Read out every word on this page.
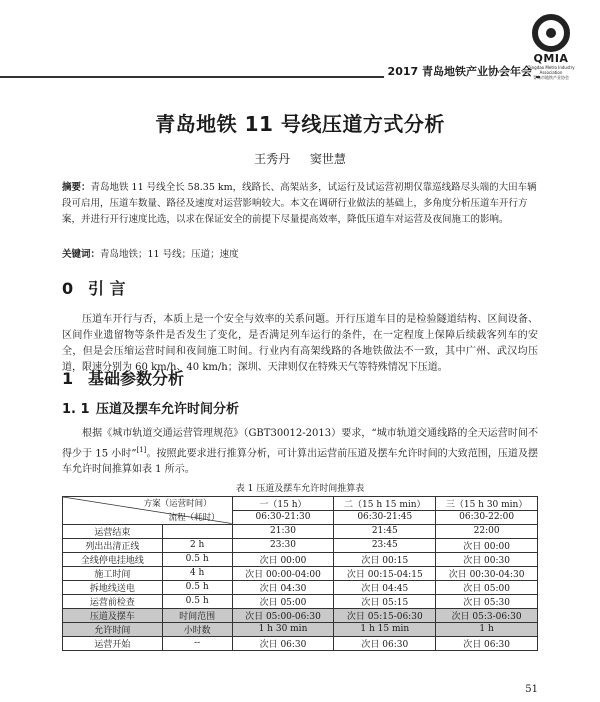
2017 青岛地铁产业协会年会
QMIA
Qingdao Metro Industry Association
青岛市地铁产业协会
青岛地铁 11 号线压道方式分析
王秀丹 窦世慧
摘要：青岛地铁 11 号线全长 58.35 km，线路长、高架站多，试运行及试运营初期仅靠巡线路尽头端的大田车辆段可启用，压道车数量、路径及速度对运营影响较大。本文在调研行业做法的基础上，多角度分析压道车开行方案，并进行开行速度比选，以求在保证安全的前提下尽量提高效率，降低压道车对运营及夜间施工的影响。
关键词：青岛地铁；11 号线；压道；速度
0 引 言
压道车开行与否，本质上是一个安全与效率的关系问题。开行压道车目的是检验隧道结构、区间设备、区间作业遗留物等条件是否发生了变化，是否满足列车运行的条件，在一定程度上保障后续载客列车的安全，但是会压缩运营时间和夜间施工时间。行业内有高架线路的各地铁做法不一致，其中广州、武汉均压道，限速分别为 60 km/h、40 km/h；深圳、天津则仅在特殊天气等特殊情况下压道。
1 基础参数分析
1. 1 压道及摆车允许时间分析
根据《城市轨道交通运营管理规范》（GBT30012-2013）要求，“城市轨道交通线路的全天运营时间不得少于 15 小时”[1]。按照此要求进行推算分析，可计算出运营前压道及摆车允许时间的大致范围，压道及摆车允许时间推算如表 1 所示。
表 1 压道及摆车允许时间推算表
方案（运营时间）
流程（耗时）		一（15 h）	二（15 h 15 min）	三（15 h 30 min）
		06:30-21:30	06:30-21:45	06:30-22:00
运营结束		21:30	21:45	22:00
列出出清正线	2 h	23:30	23:45	次日 00:00
全线停电挂地线	0.5 h	次日 00:00	次日 00:15	次日 00:30
施工时间	4 h	次日 00:00-04:00	次日 00:15-04:15	次日 00:30-04:30
拆地线送电	0.5 h	次日 04:30	次日 04:45	次日 05:00
运营前检查	0.5 h	次日 05:00	次日 05:15	次日 05:30
压道及摆车	时间范围	次日 05:00-06:30	次日 05:15-06:30	次日 05:3-06:30
允许时间	小时数	1 h 30 min	1 h 15 min	1 h
运营开始	--	次日 06:30	次日 06:30	次日 06:30
51
